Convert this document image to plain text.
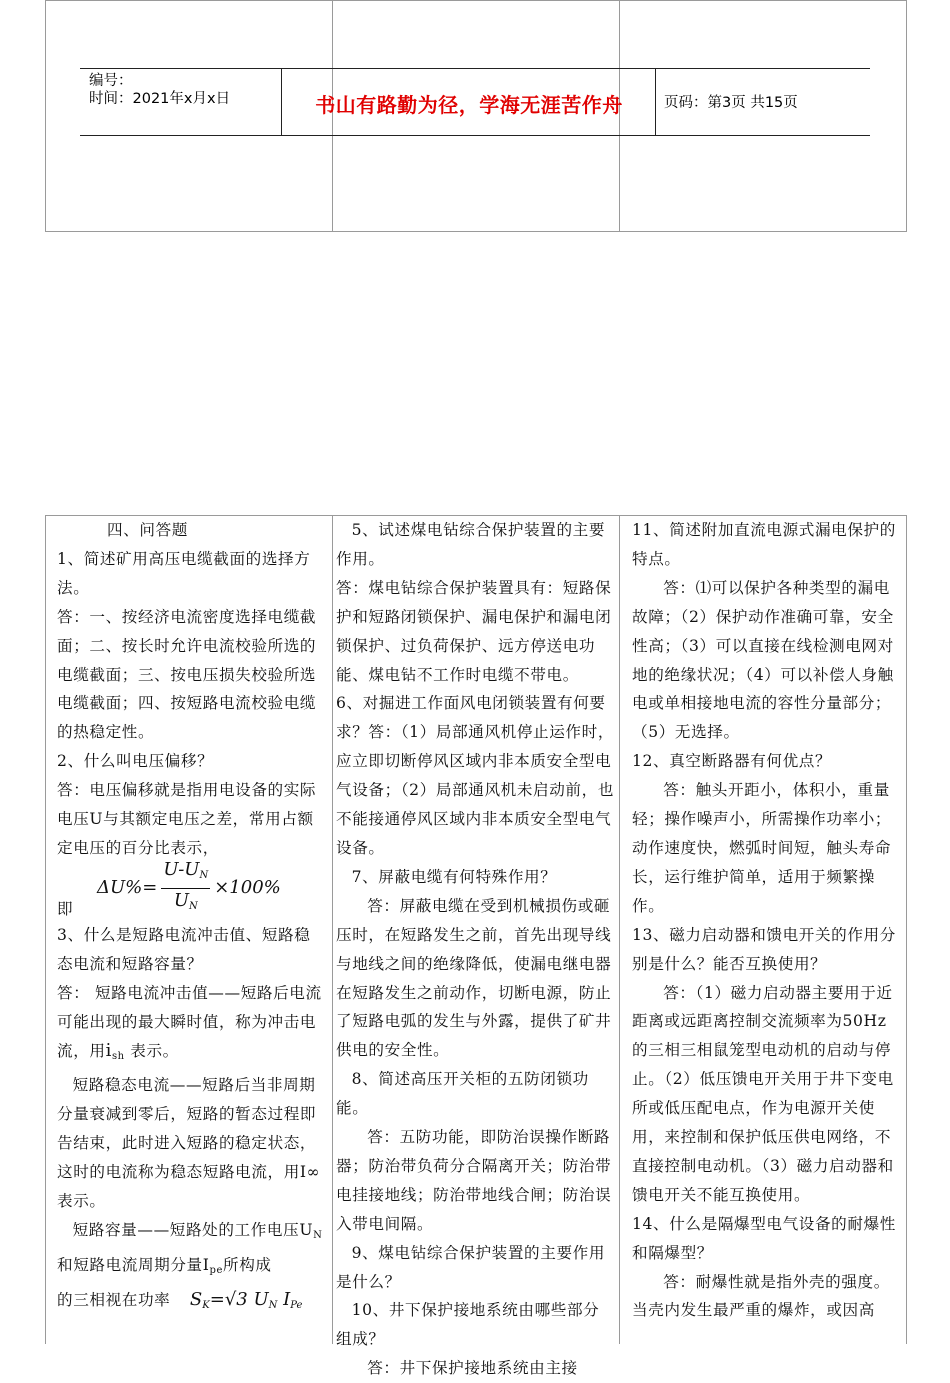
编号：
时间：2021年x月x日	书山有路勤为径，学海无涯苦作舟	页码：第3页 共15页

四、问答题

1、简述矿用高压电缆截面的选择方法。

答：一、按经济电流密度选择电缆截面；二、按长时允许电流校验所选的电缆截面；三、按电压损失校验所选电缆截面；四、按短路电流校验电缆的热稳定性。

2、什么叫电压偏移？

答：电压偏移就是指用电设备的实际电压U与其额定电压之差，常用占额定电压的百分比表示，

即
$\Delta U\%= \frac{U-U_N}{U_N} \times 100\%$

3、什么是短路电流冲击值、短路稳态电流和短路容量？

答： 短路电流冲击值——短路后电流可能出现的最大瞬时值，称为冲击电流，用$i_{sh}$ 表示。

短路稳态电流——短路后当非周期分量衰减到零后，短路的暂态过程即告结束，此时进入短路的稳定状态，这时的电流称为稳态短路电流，用I∞表示。

短路容量——短路处的工作电压$U_N$和短路电流周期分量$I_{pe}$所构成

的三相视在功率 $S_K=√3$ $U_N$ $I_{Pe}$

5、试述煤电钻综合保护装置的主要作用。

答：煤电钻综合保护装置具有：短路保护和短路闭锁保护、漏电保护和漏电闭锁保护、过负荷保护、远方停送电功能、煤电钻不工作时电缆不带电。

6、对掘进工作面风电闭锁装置有何要求？答：（1）局部通风机停止运作时，应立即切断停风区域内非本质安全型电气设备；（2）局部通风机未启动前，也不能接通停风区域内非本质安全型电气设备。

7、屏蔽电缆有何特殊作用？

答：屏蔽电缆在受到机械损伤或砸压时，在短路发生之前，首先出现导线与地线之间的绝缘降低，使漏电继电器在短路发生之前动作，切断电源，防止了短路电弧的发生与外露，提供了矿井供电的安全性。

8、简述高压开关柜的五防闭锁功能。

答：五防功能，即防治误操作断路器；防治带负荷分合隔离开关；防治带电挂接地线；防治带地线合闸；防治误入带电间隔。

9、煤电钻综合保护装置的主要作用是什么？

10、井下保护接地系统由哪些部分组成？

答：井下保护接地系统由主接

11、简述附加直流电源式漏电保护的特点。

答：⑴可以保护各种类型的漏电故障；（2）保护动作准确可靠，安全性高；（3）可以直接在线检测电网对地的绝缘状况；（4）可以补偿人身触电或单相接地电流的容性分量部分；（5）无选择。

12、真空断路器有何优点？

答：触头开距小，体积小，重量轻；操作噪声小，所需操作功率小；动作速度快，燃弧时间短，触头寿命长，运行维护简单，适用于频繁操作。

13、磁力启动器和馈电开关的作用分别是什么？能否互换使用？

答：（1）磁力启动器主要用于近距离或远距离控制交流频率为50Hz的三相三相鼠笼型电动机的启动与停止。（2）低压馈电开关用于井下变电所或低压配电点，作为电源开关使用，来控制和保护低压供电网络，不直接控制电动机。（3）磁力启动器和馈电开关不能互换使用。

14、什么是隔爆型电气设备的耐爆性和隔爆型？

答：耐爆性就是指外壳的强度。当壳内发生最严重的爆炸，或因高
